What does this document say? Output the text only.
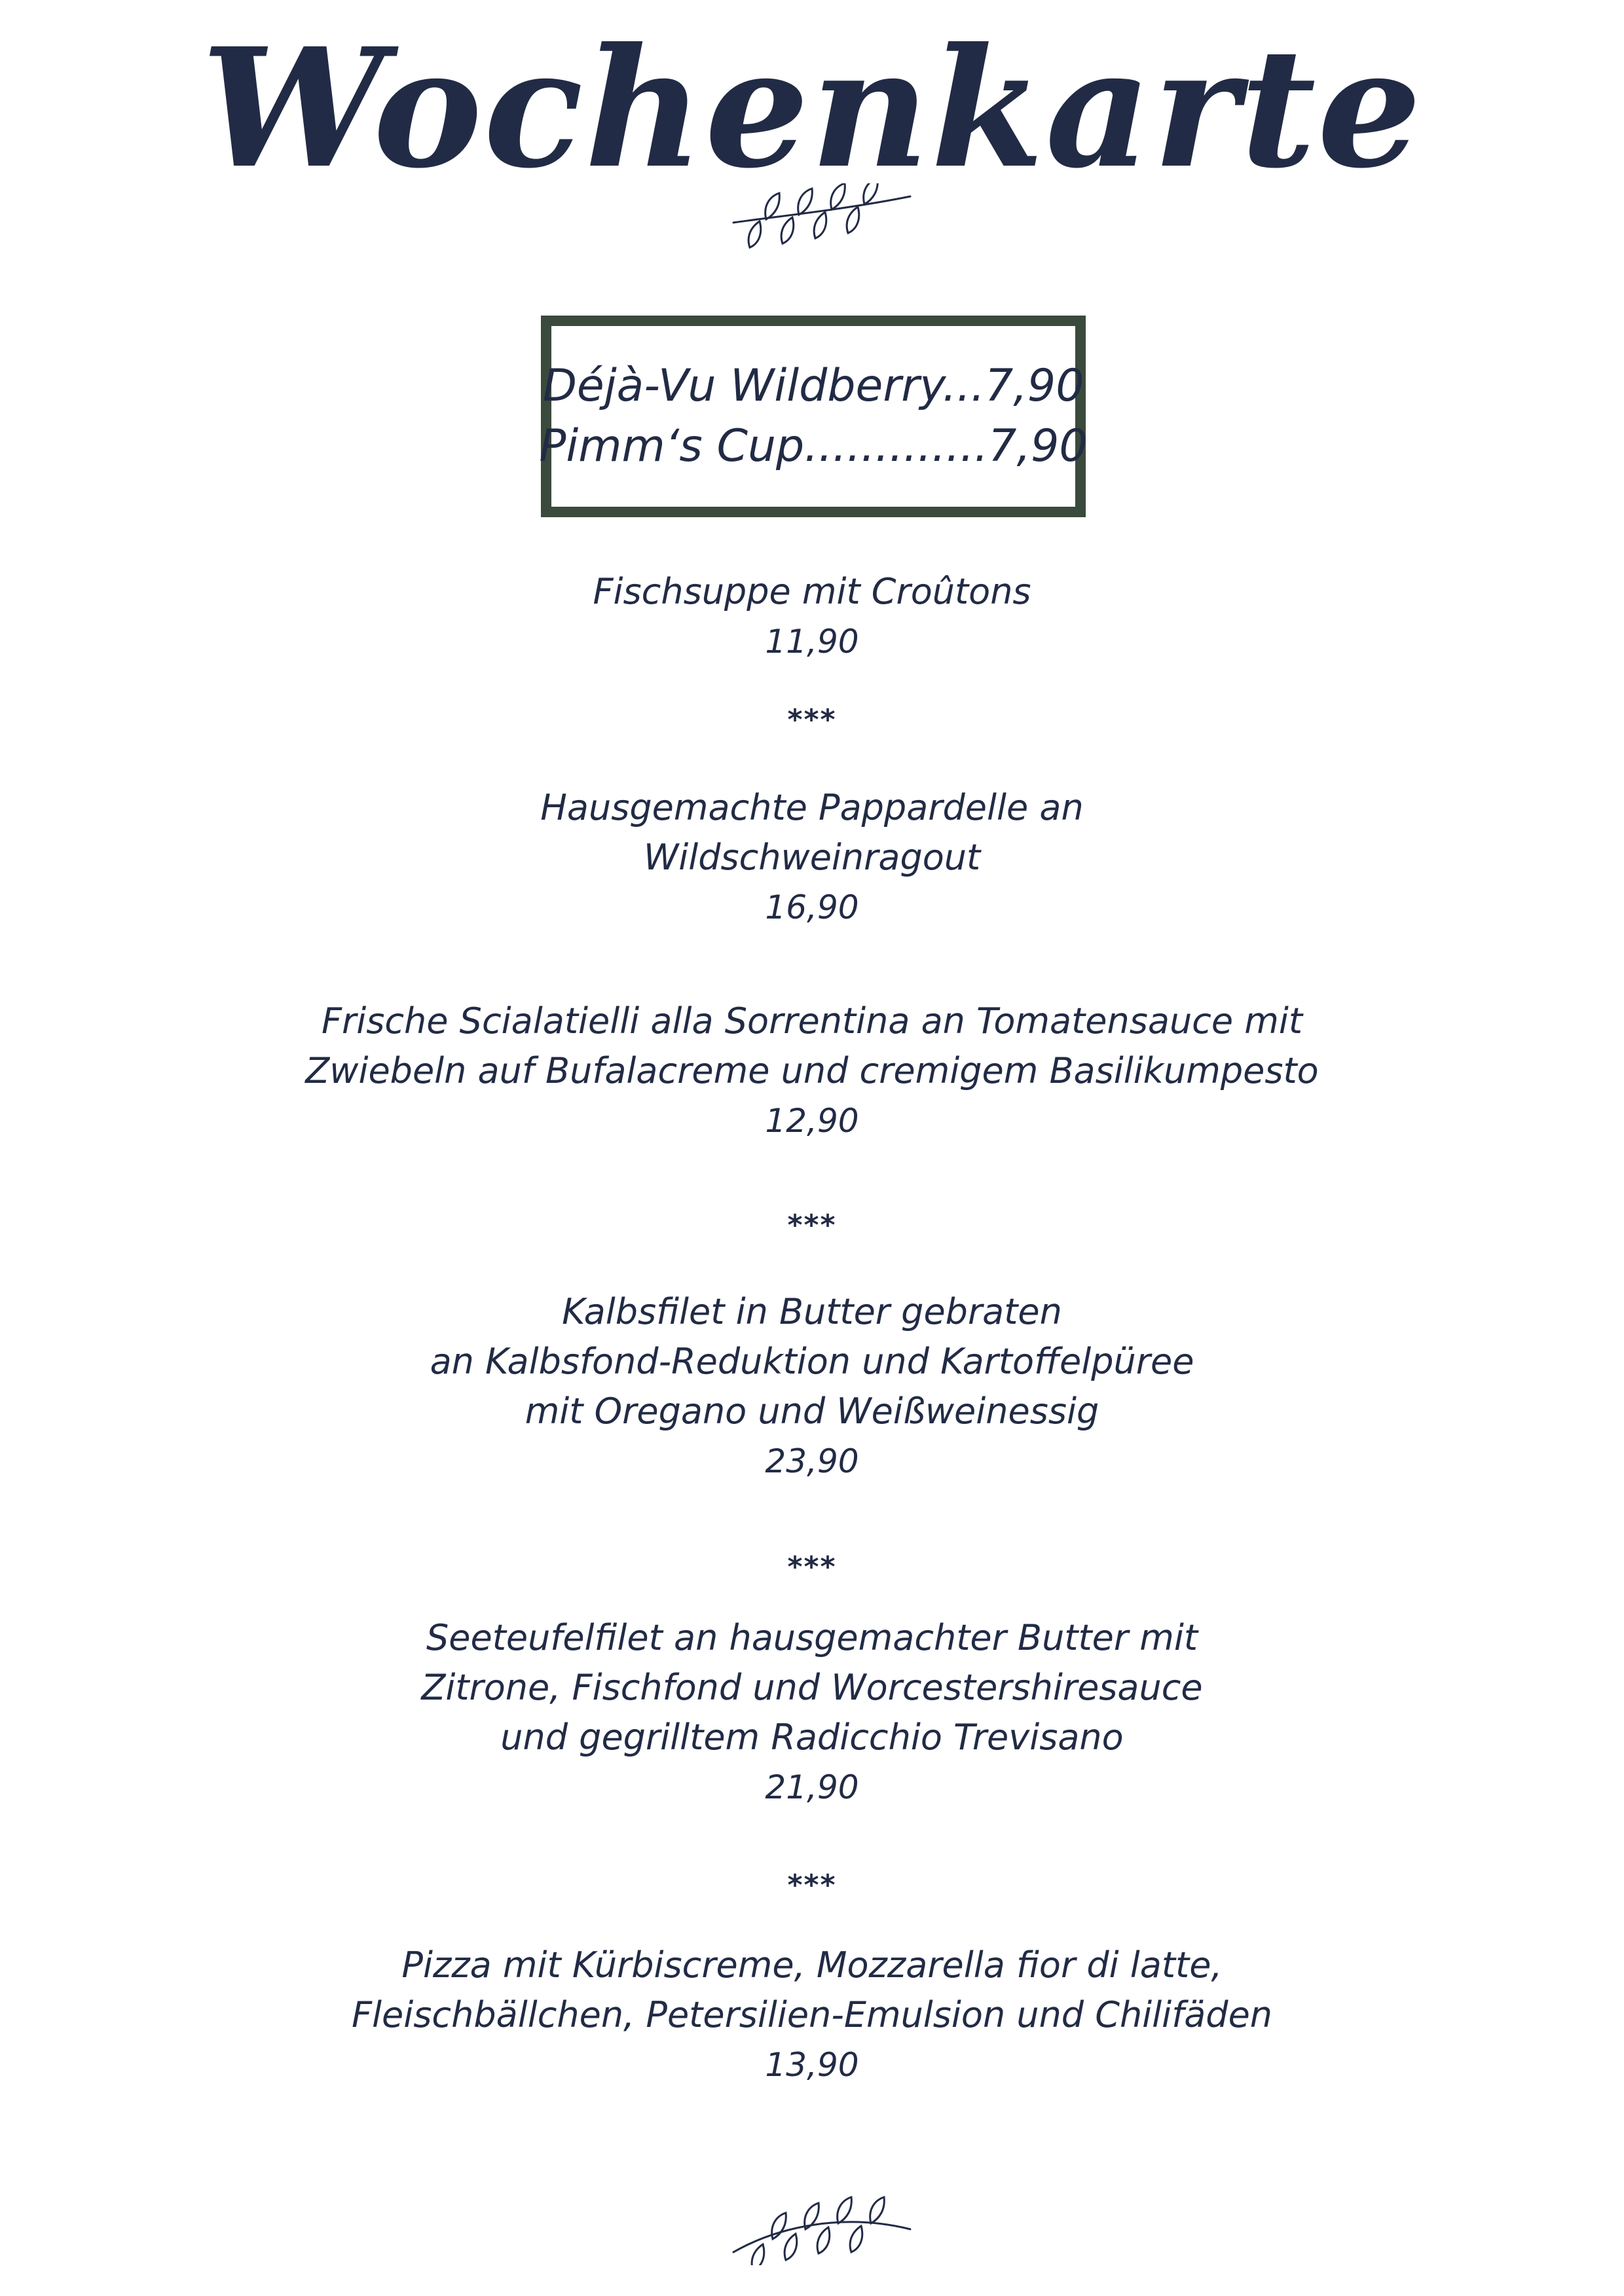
Wochenkarte
Déjà-Vu Wildberry...7,90
Pimm‘s Cup.............7,90
Fischsuppe mit Croûtons
11,90
***
Hausgemachte Pappardelle an
Wildschweinragout
16,90
Frische Scialatielli alla Sorrentina an Tomatensauce mit
Zwiebeln auf Bufalacreme und cremigem Basilikumpesto
12,90
***
Kalbsfilet in Butter gebraten
an Kalbsfond-Reduktion und Kartoffelpüree
mit Oregano und Weißweinessig
23,90
***
Seeteufelfilet an hausgemachter Butter mit
Zitrone, Fischfond und Worcestershiresauce
und gegrilltem Radicchio Trevisano
21,90
***
Pizza mit Kürbiscreme, Mozzarella fior di latte,
Fleischbällchen, Petersilien-Emulsion und Chilifäden
13,90
